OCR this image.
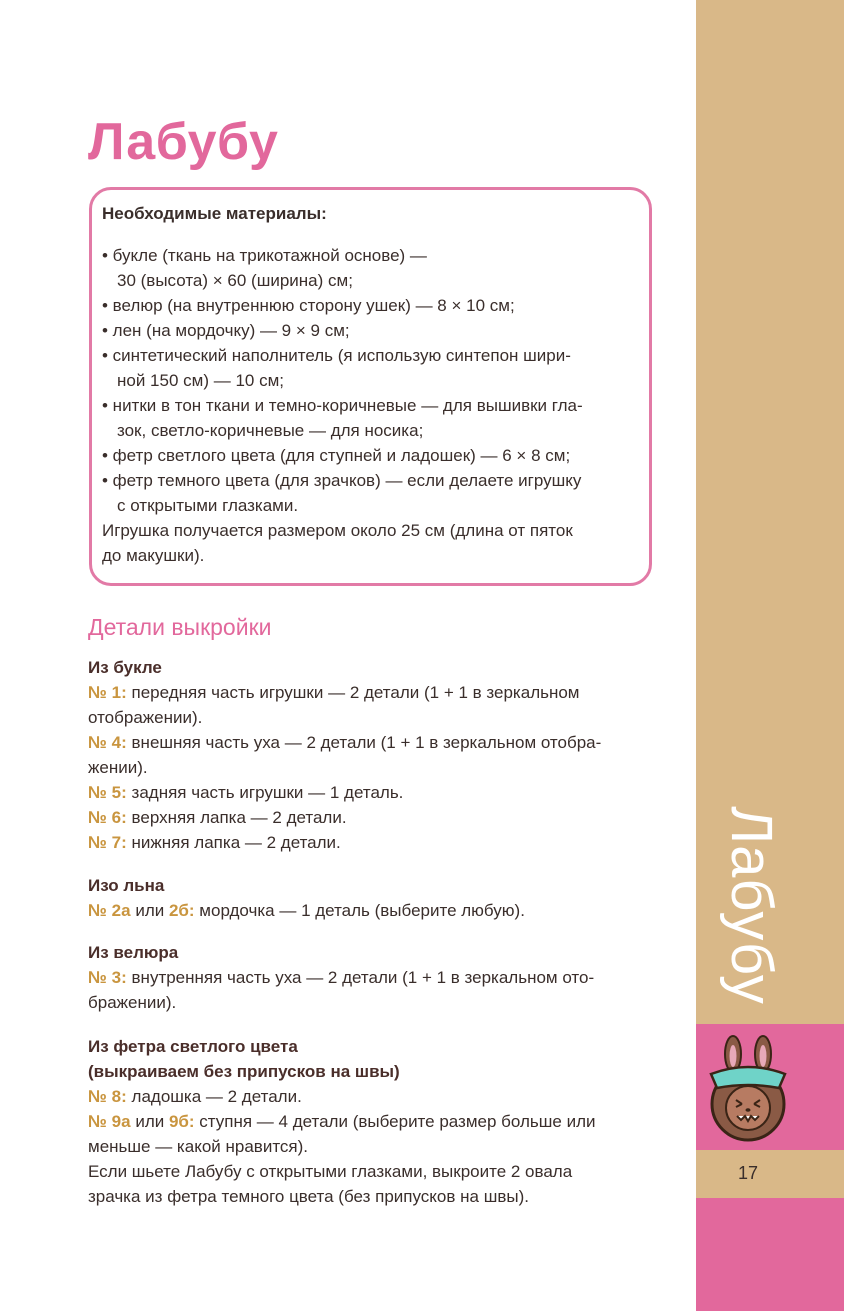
Лабубу
17
Лабубу
Необходимые материалы:
• букле (ткань на трикотажной основе) —
30 (высота) × 60 (ширина) см;
• велюр (на внутреннюю сторону ушек) — 8 × 10 см;
• лен (на мордочку) — 9 × 9 см;
• синтетический наполнитель (я использую синтепон шири-
ной 150 см) — 10 см;
• нитки в тон ткани и темно-коричневые — для вышивки гла-
зок, светло-коричневые — для носика;
• фетр светлого цвета (для ступней и ладошек) — 6 × 8 см;
• фетр темного цвета (для зрачков) — если делаете игрушку
с открытыми глазками.
Игрушка получается размером около 25 см (длина от пяток
до макушки).
Детали выкройки
Из букле
№ 1: передняя часть игрушки — 2 детали (1 + 1 в зеркальном
отображении).
№ 4: внешняя часть уха — 2 детали (1 + 1 в зеркальном отобра-
жении).
№ 5: задняя часть игрушки — 1 деталь.
№ 6: верхняя лапка — 2 детали.
№ 7: нижняя лапка — 2 детали.
Изо льна
№ 2а или 2б: мордочка — 1 деталь (выберите любую).
Из велюра
№ 3: внутренняя часть уха — 2 детали (1 + 1 в зеркальном ото-
бражении).
Из фетра светлого цвета
(выкраиваем без припусков на швы)
№ 8: ладошка — 2 детали.
№ 9а или 9б: ступня — 4 детали (выберите размер больше или
меньше — какой нравится).
Если шьете Лабубу с открытыми глазками, выкроите 2 овала
зрачка из фетра темного цвета (без припусков на швы).
